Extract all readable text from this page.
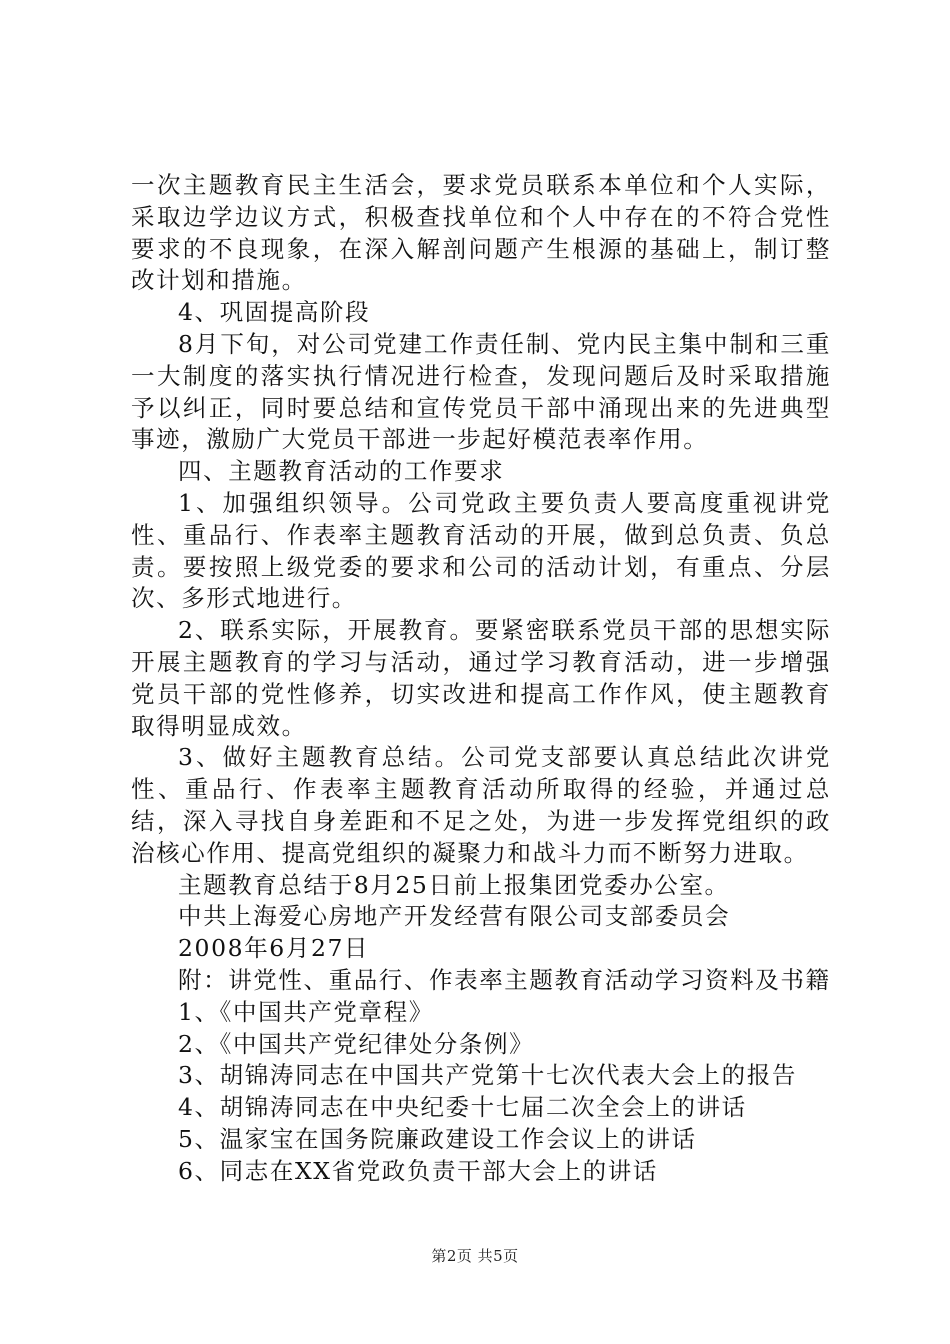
一次主题教育民主生活会，要求党员联系本单位和个人实际，采取边学边议方式，积极查找单位和个人中存在的不符合党性要求的不良现象，在深入解剖问题产生根源的基础上，制订整改计划和措施。

4、巩固提高阶段

8月下旬，对公司党建工作责任制、党内民主集中制和三重一大制度的落实执行情况进行检查，发现问题后及时采取措施予以纠正，同时要总结和宣传党员干部中涌现出来的先进典型事迹，激励广大党员干部进一步起好模范表率作用。

四、主题教育活动的工作要求

1、加强组织领导。公司党政主要负责人要高度重视讲党性、重品行、作表率主题教育活动的开展，做到总负责、负总责。要按照上级党委的要求和公司的活动计划，有重点、分层次、多形式地进行。

2、联系实际，开展教育。要紧密联系党员干部的思想实际开展主题教育的学习与活动，通过学习教育活动，进一步增强党员干部的党性修养，切实改进和提高工作作风，使主题教育取得明显成效。

3、做好主题教育总结。公司党支部要认真总结此次讲党性、重品行、作表率主题教育活动所取得的经验，并通过总结，深入寻找自身差距和不足之处，为进一步发挥党组织的政治核心作用、提高党组织的凝聚力和战斗力而不断努力进取。

主题教育总结于8月25日前上报集团党委办公室。

中共上海爱心房地产开发经营有限公司支部委员会

2008年6月27日

附：讲党性、重品行、作表率主题教育活动学习资料及书籍

1、《中国共产党章程》

2、《中国共产党纪律处分条例》

3、胡锦涛同志在中国共产党第十七次代表大会上的报告

4、胡锦涛同志在中央纪委十七届二次全会上的讲话

5、温家宝在国务院廉政建设工作会议上的讲话

6、同志在XX省党政负责干部大会上的讲话

第2页 共5页
